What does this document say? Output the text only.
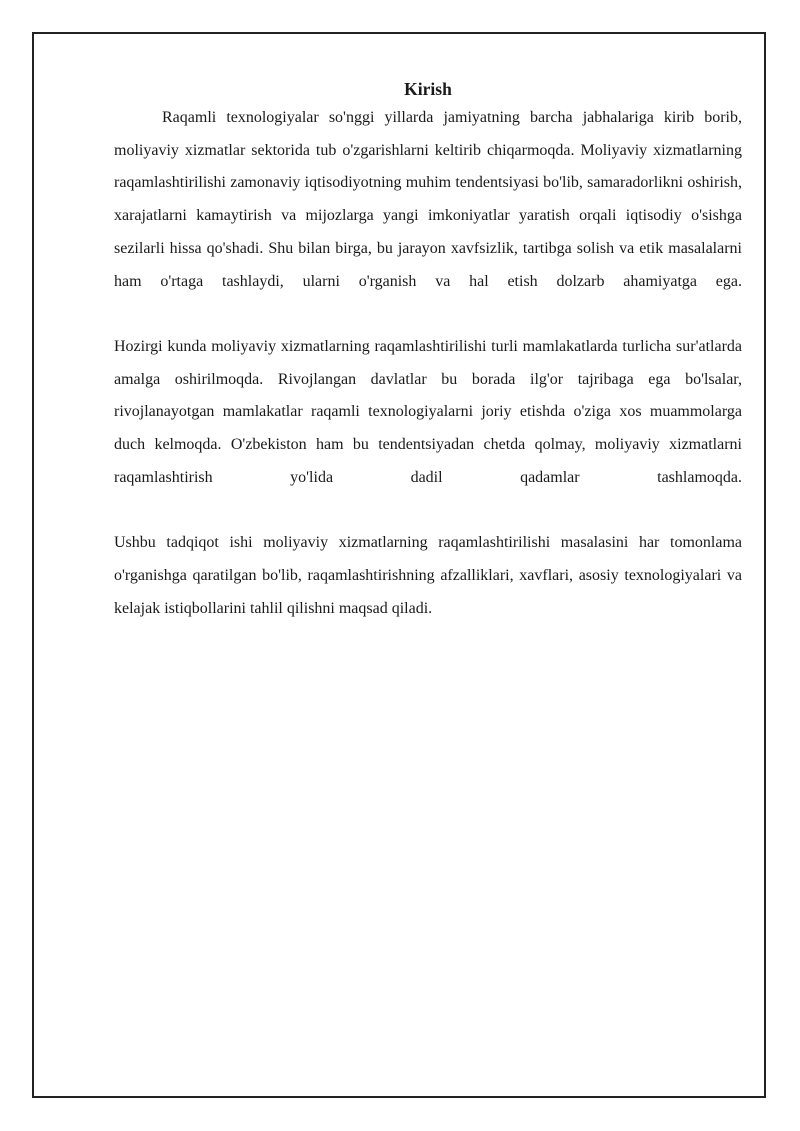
Kirish

Raqamli texnologiyalar so'nggi yillarda jamiyatning barcha jabhalariga kirib borib, moliyaviy xizmatlar sektorida tub o'zgarishlarni keltirib chiqarmoqda. Moliyaviy xizmatlarning raqamlashtirilishi zamonaviy iqtisodiyotning muhim tendentsiyasi bo'lib, samaradorlikni oshirish, xarajatlarni kamaytirish va mijozlarga yangi imkoniyatlar yaratish orqali iqtisodiy o'sishga sezilarli hissa qo'shadi. Shu bilan birga, bu jarayon xavfsizlik, tartibga solish va etik masalalarni ham o'rtaga tashlaydi, ularni o'rganish va hal etish dolzarb ahamiyatga ega.

Hozirgi kunda moliyaviy xizmatlarning raqamlashtirilishi turli mamlakatlarda turlicha sur'atlarda amalga oshirilmoqda. Rivojlangan davlatlar bu borada ilg'or tajribaga ega bo'lsalar, rivojlanayotgan mamlakatlar raqamli texnologiyalarni joriy etishda o'ziga xos muammolarga duch kelmoqda. O'zbekiston ham bu tendentsiyadan chetda qolmay, moliyaviy xizmatlarni raqamlashtirish yo'lida dadil qadamlar tashlamoqda.

Ushbu tadqiqot ishi moliyaviy xizmatlarning raqamlashtirilishi masalasini har tomonlama o'rganishga qaratilgan bo'lib, raqamlashtirishning afzalliklari, xavflari, asosiy texnologiyalari va kelajak istiqbollarini tahlil qilishni maqsad qiladi.
